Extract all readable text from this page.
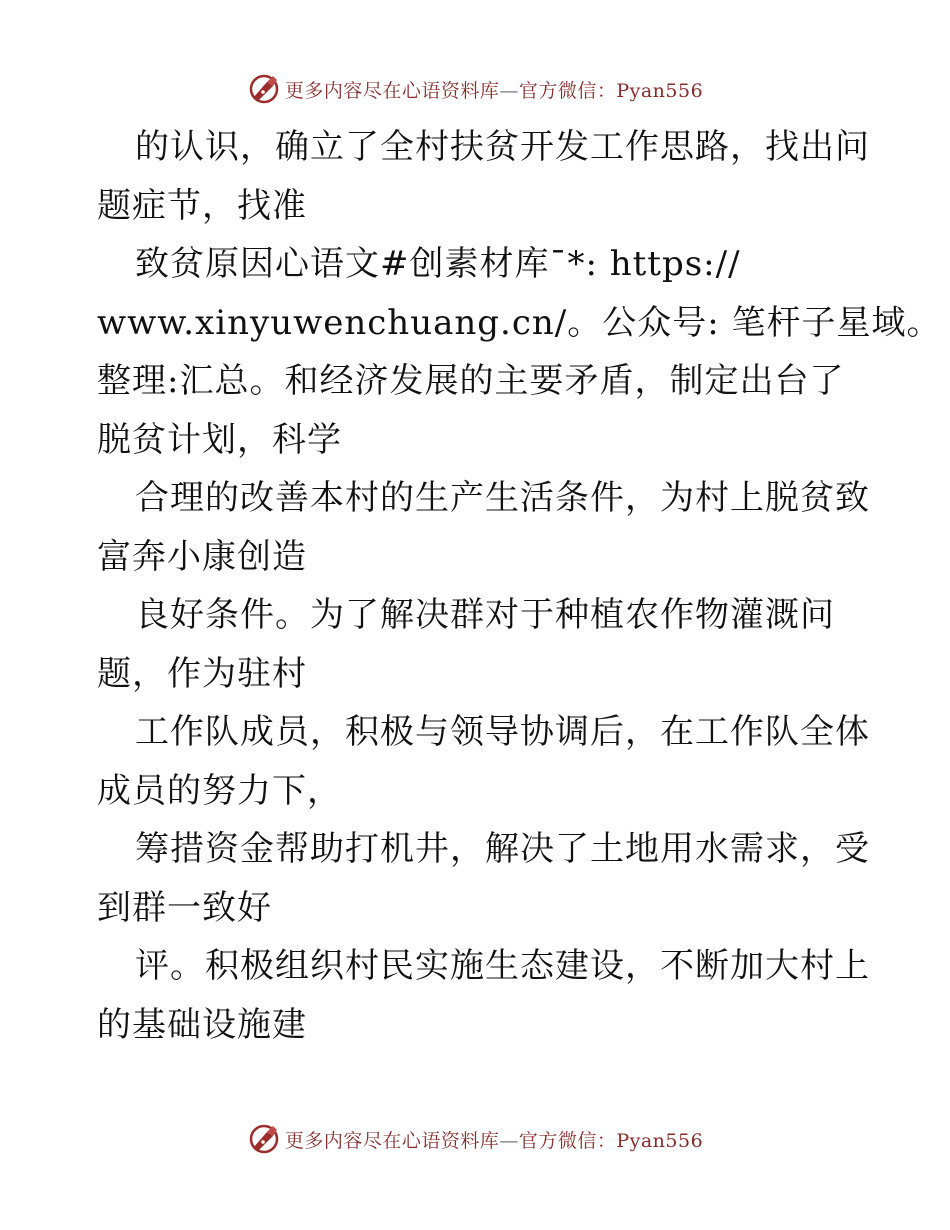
更多内容尽在心语资料库—官方微信：Pyan556
的认识，确立了全村扶贫开发工作思路，找出问
题症节，找准
致贫原因心语文#创素材库¯*: https://
www.xinyuwenchuang.cn/。公众号: 笔杆子星域。
整理:汇总。和经济发展的主要矛盾，制定出台了
脱贫计划，科学
合理的改善本村的生产生活条件，为村上脱贫致
富奔小康创造
良好条件。为了解决群对于种植农作物灌溉问
题，作为驻村
工作队成员，积极与领导协调后，在工作队全体
成员的努力下，
筹措资金帮助打机井，解决了土地用水需求，受
到群一致好
评。积极组织村民实施生态建设，不断加大村上
的基础设施建
更多内容尽在心语资料库—官方微信：Pyan556
